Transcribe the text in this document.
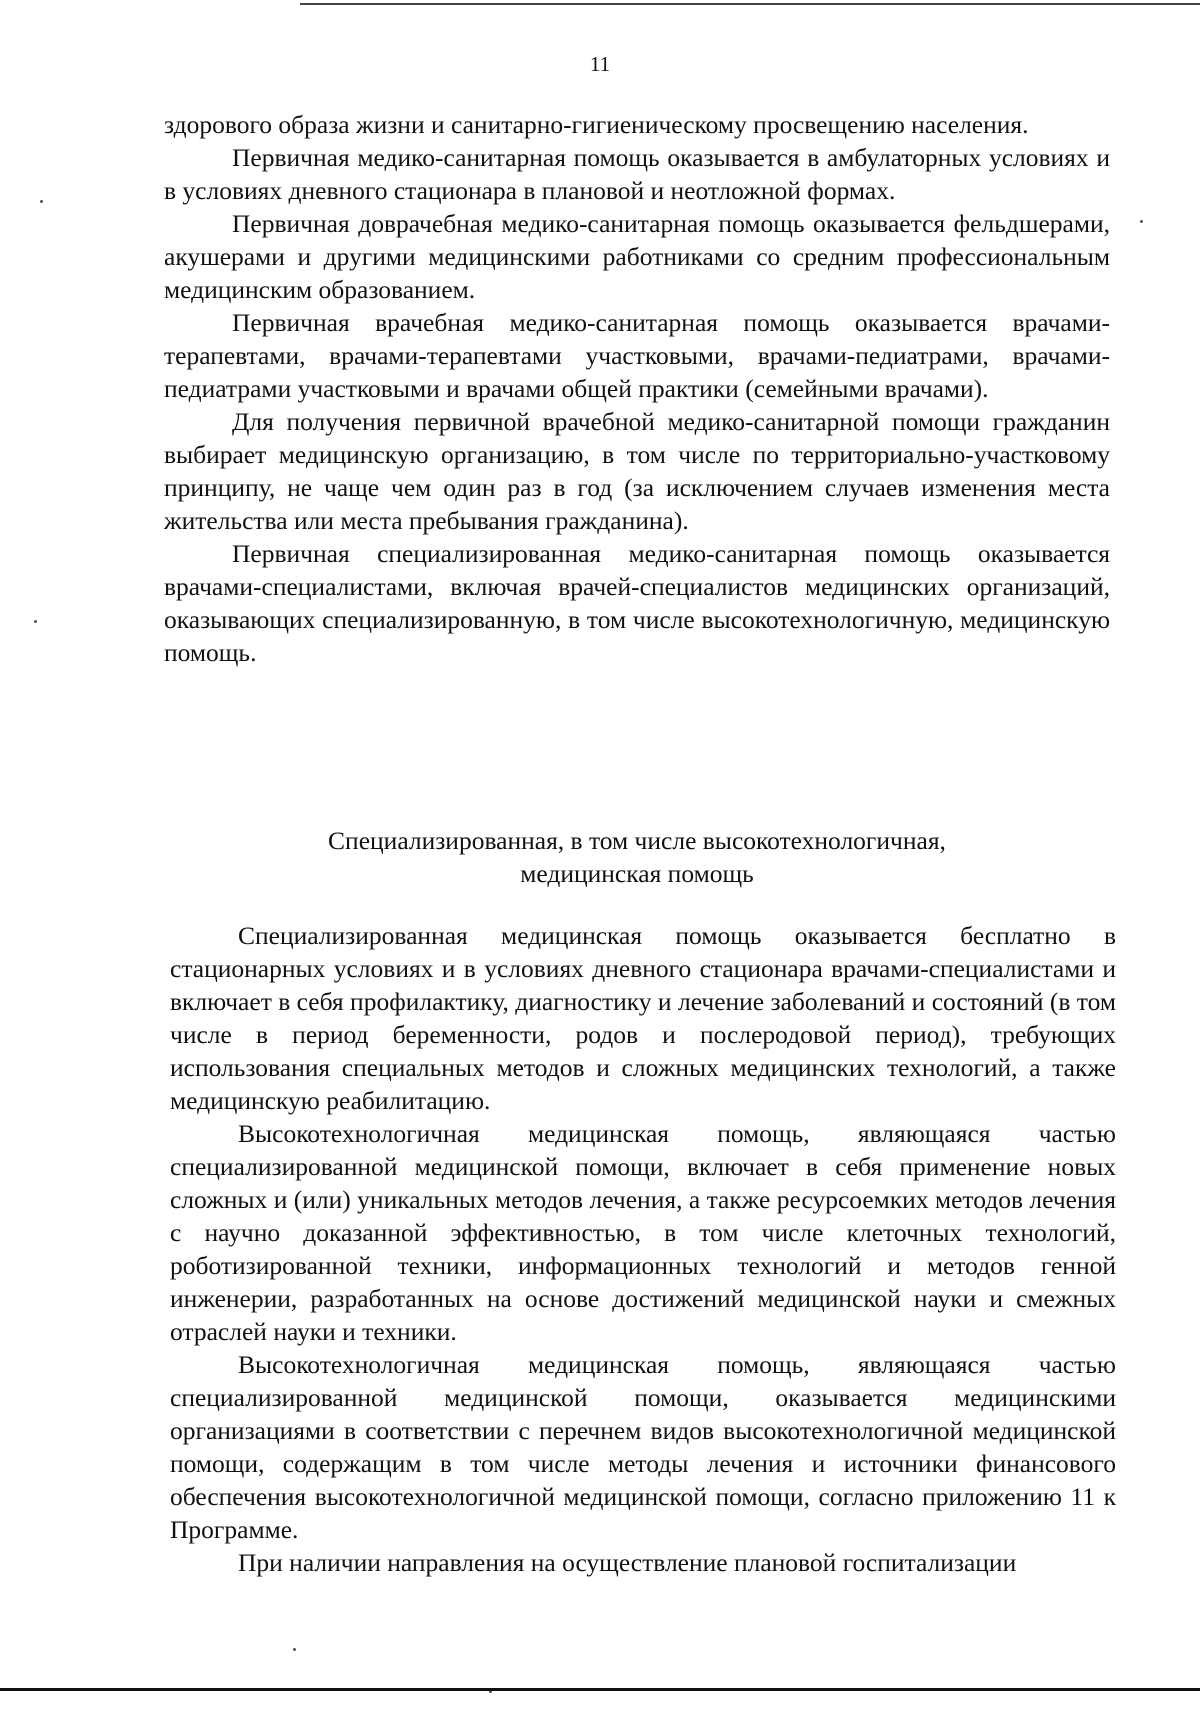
11

здорового образа жизни и санитарно-гигиеническому просвещению населения.

Первичная медико-санитарная помощь оказывается в амбулаторных условиях и в условиях дневного стационара в плановой и неотложной формах.

Первичная доврачебная медико-санитарная помощь оказывается фельдшерами, акушерами и другими медицинскими работниками со средним профессиональным медицинским образованием.

Первичная врачебная медико-санитарная помощь оказывается врачами-терапевтами, врачами-терапевтами участковыми, врачами-педиатрами, врачами-педиатрами участковыми и врачами общей практики (семейными врачами).

Для получения первичной врачебной медико-санитарной помощи гражданин выбирает медицинскую организацию, в том числе по территориально-участковому принципу, не чаще чем один раз в год (за исключением случаев изменения места жительства или места пребывания гражданина).

Первичная специализированная медико-санитарная помощь оказывается врачами-специалистами, включая врачей-специалистов медицинских организаций, оказывающих специализированную, в том числе высокотехнологичную, медицинскую помощь.

Специализированная, в том числе высокотехнологичная,
медицинская помощь

Специализированная медицинская помощь оказывается бесплатно в стационарных условиях и в условиях дневного стационара врачами-специалистами и включает в себя профилактику, диагностику и лечение заболеваний и состояний (в том числе в период беременности, родов и послеродовой период), требующих использования специальных методов и сложных медицинских технологий, а также медицинскую реабилитацию.

Высокотехнологичная медицинская помощь, являющаяся частью специализированной медицинской помощи, включает в себя применение новых сложных и (или) уникальных методов лечения, а также ресурсоемких методов лечения с научно доказанной эффективностью, в том числе клеточных технологий, роботизированной техники, информационных технологий и методов генной инженерии, разработанных на основе достижений медицинской науки и смежных отраслей науки и техники.

Высокотехнологичная медицинская помощь, являющаяся частью специализированной медицинской помощи, оказывается медицинскими организациями в соответствии с перечнем видов высокотехнологичной медицинской помощи, содержащим в том числе методы лечения и источники финансового обеспечения высокотехнологичной медицинской помощи, согласно приложению 11 к Программе.

При наличии направления на осуществление плановой госпитализации
